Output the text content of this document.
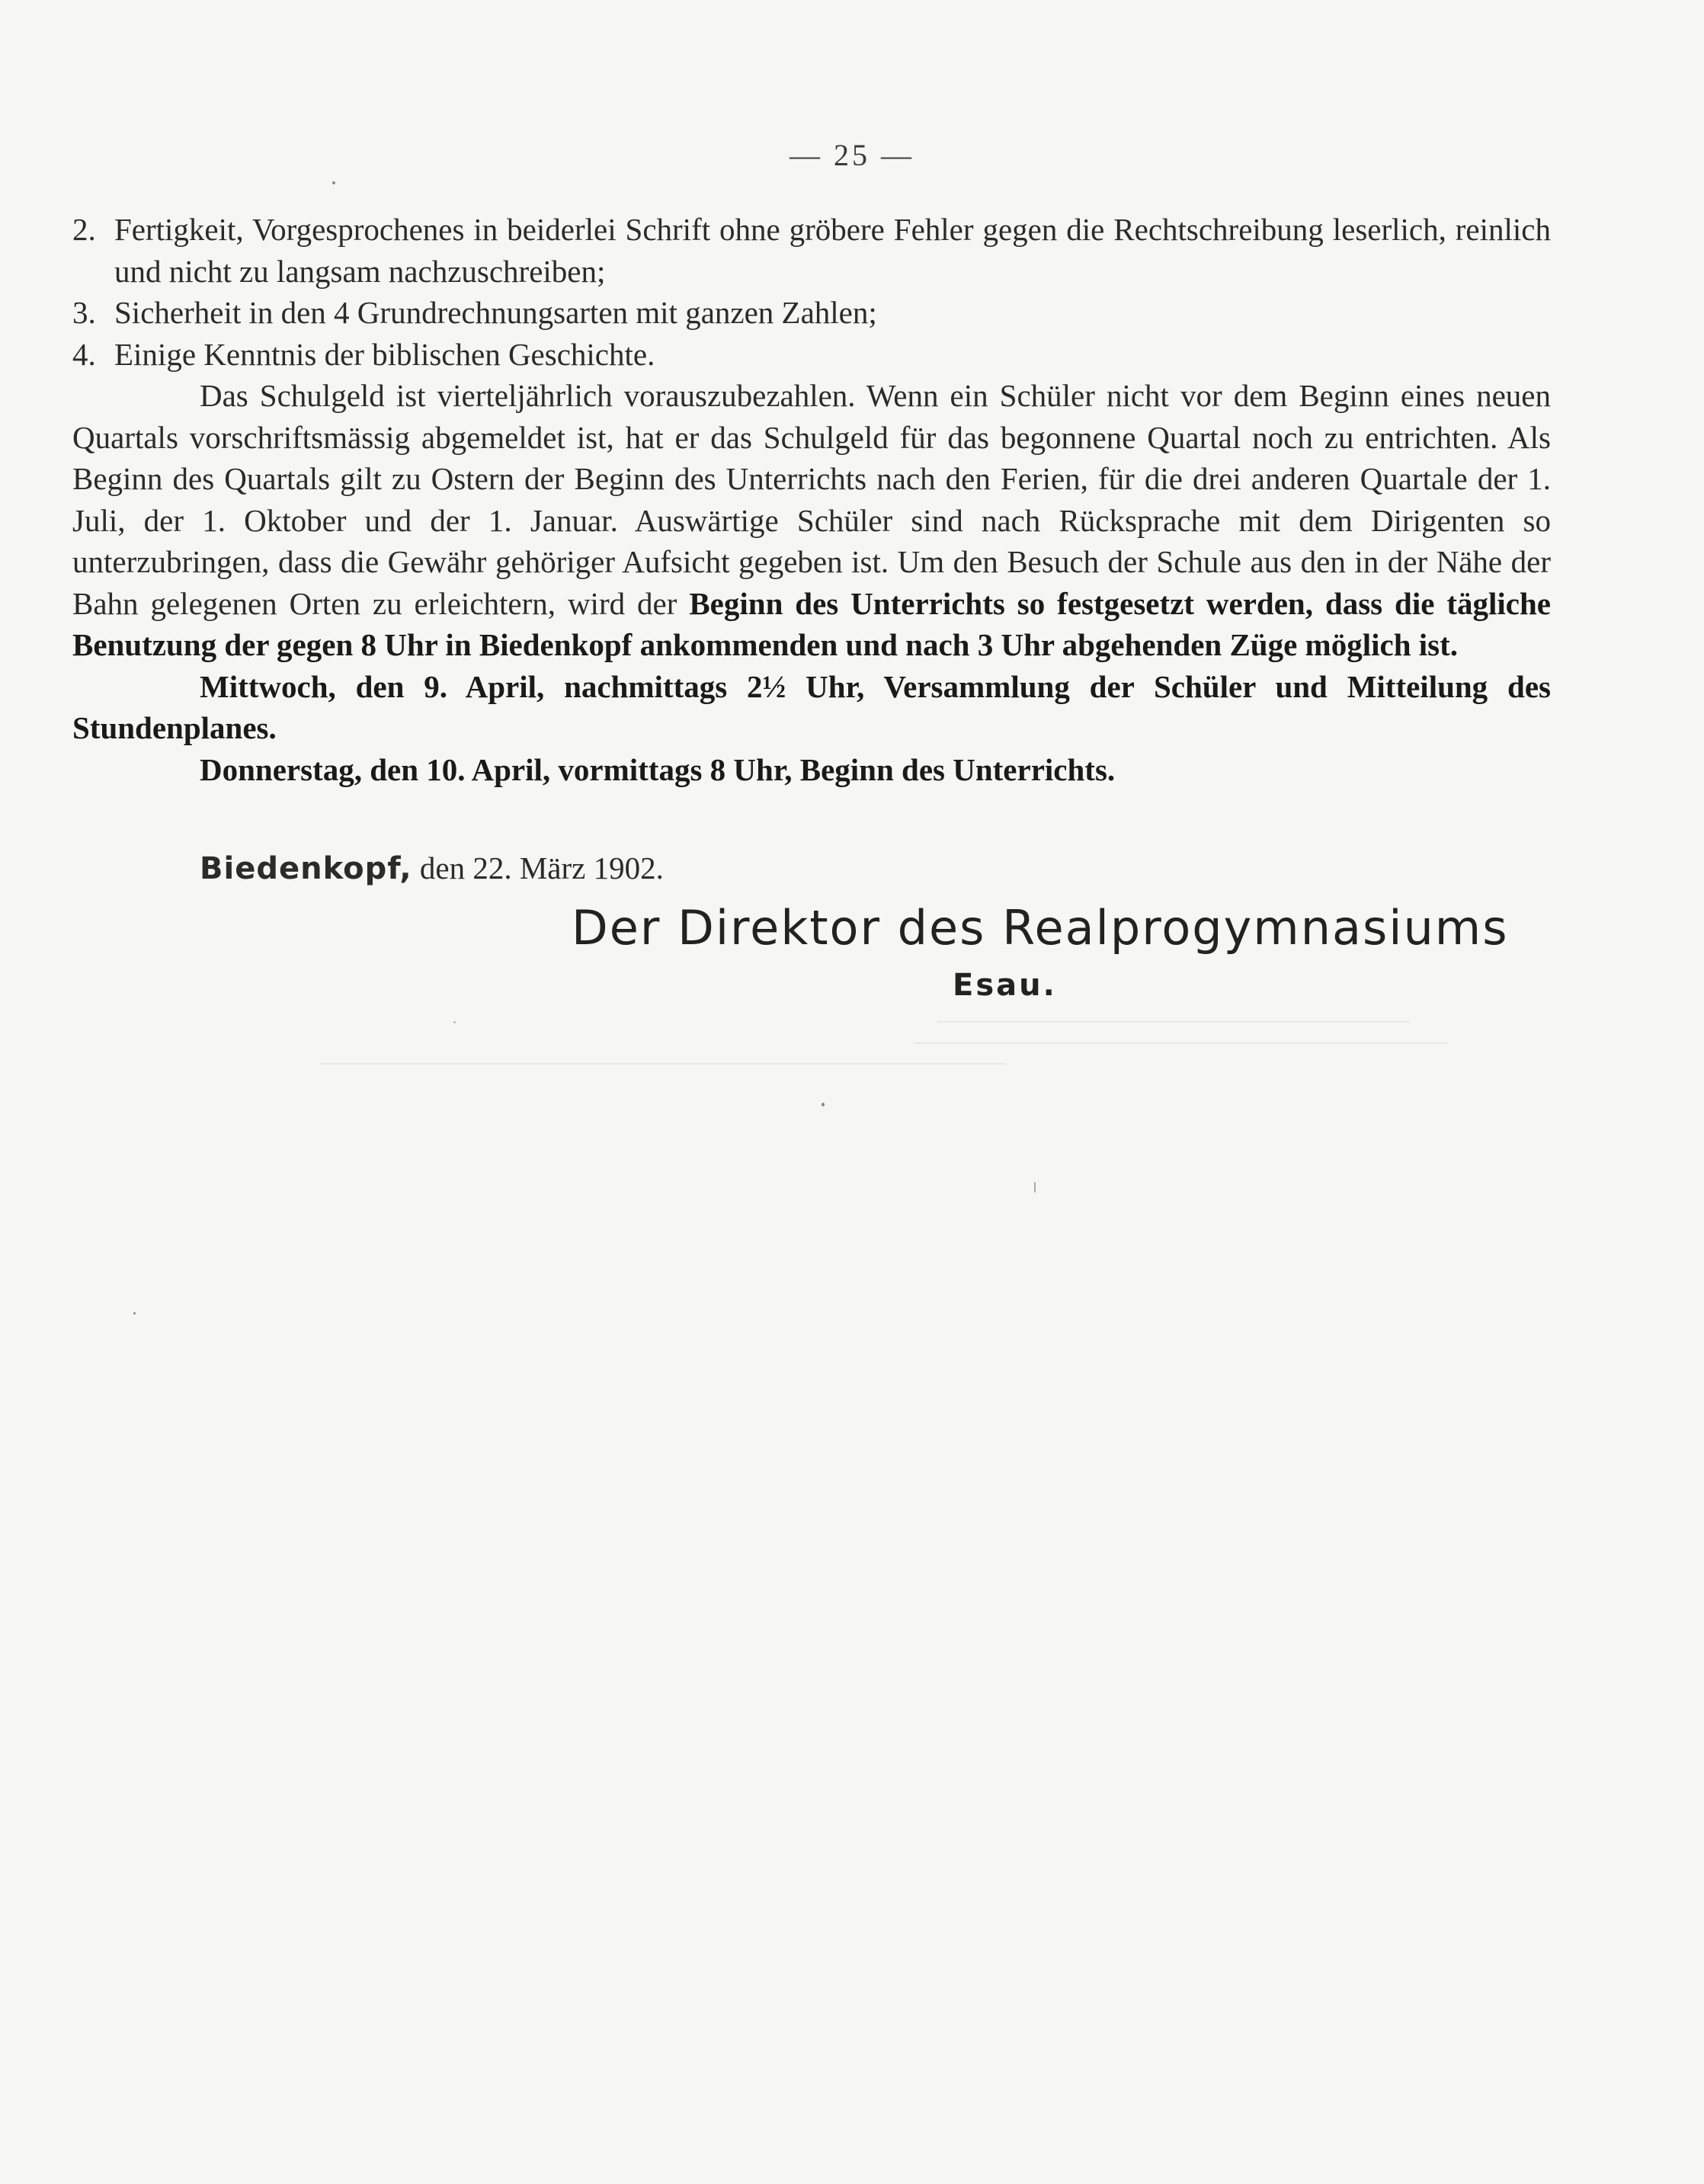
— 25 —

2. Fertigkeit, Vorgesprochenes in beiderlei Schrift ohne gröbere Fehler gegen die Rechtschreibung leserlich, reinlich und nicht zu langsam nachzuschreiben;

3. Sicherheit in den 4 Grundrechnungsarten mit ganzen Zahlen;

4. Einige Kenntnis der biblischen Geschichte.

Das Schulgeld ist vierteljährlich vorauszubezahlen. Wenn ein Schüler nicht vor dem Beginn eines neuen Quartals vorschriftsmässig abgemeldet ist, hat er das Schulgeld für das begonnene Quartal noch zu entrichten. Als Beginn des Quartals gilt zu Ostern der Beginn des Unterrichts nach den Ferien, für die drei anderen Quartale der 1. Juli, der 1. Oktober und der 1. Januar. Auswärtige Schüler sind nach Rücksprache mit dem Dirigenten so unterzubringen, dass die Gewähr gehöriger Aufsicht gegeben ist. Um den Besuch der Schule aus den in der Nähe der Bahn gelegenen Orten zu erleichtern, wird der Beginn des Unterrichts so festgesetzt werden, dass die tägliche Benutzung der gegen 8 Uhr in Biedenkopf ankommenden und nach 3 Uhr abgehenden Züge möglich ist.

Mittwoch, den 9. April, nachmittags 2½ Uhr, Versammlung der Schüler und Mitteilung des Stundenplanes.

Donnerstag, den 10. April, vormittags 8 Uhr, Beginn des Unterrichts.

Biedenkopf, den 22. März 1902.
Der Direktor des Realprogymnasiums
Esau.
